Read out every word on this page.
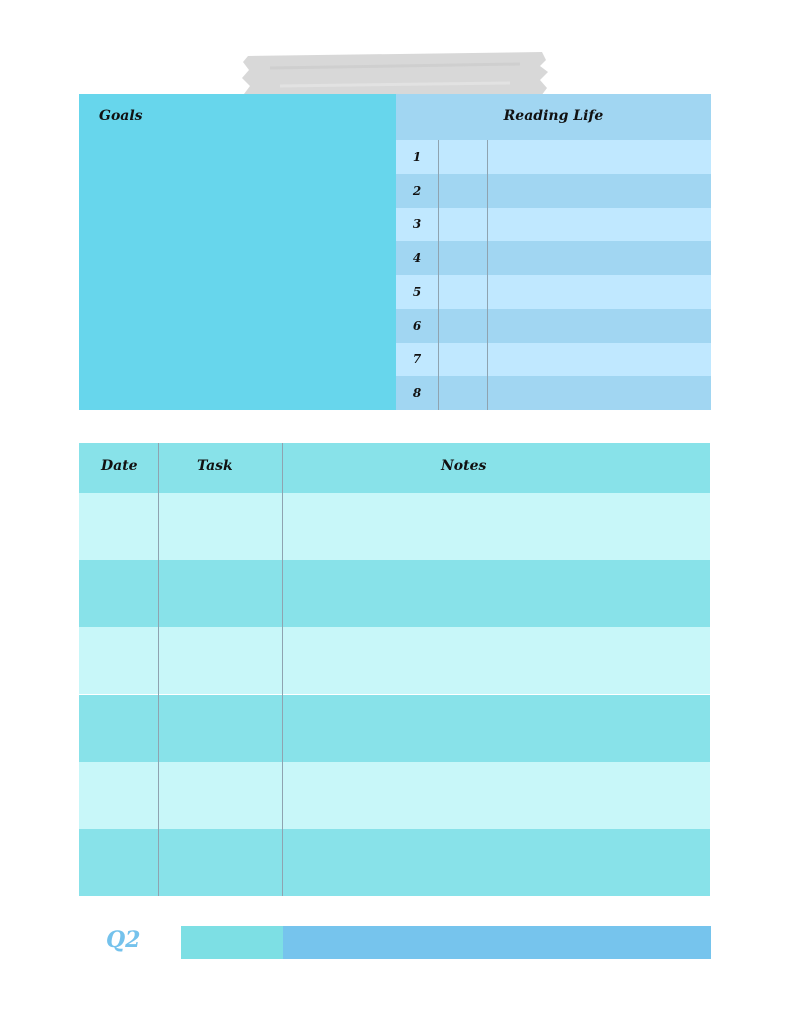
Goals	Reading Life
1
2
3
4
5
6
7
8
Date	Task	Notes
Q2
